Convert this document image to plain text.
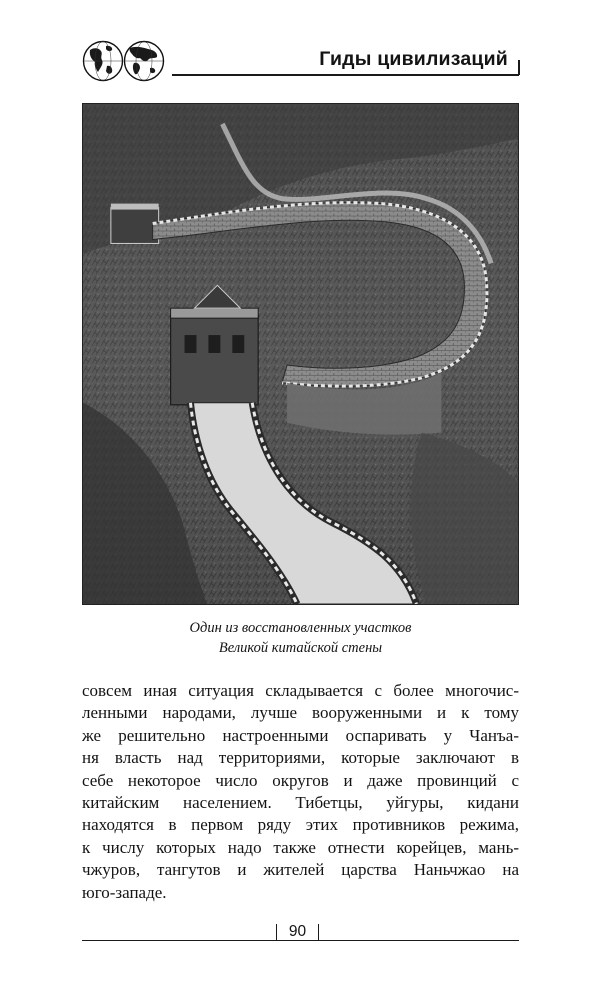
Гиды цивилизаций
Один из восстановленных участков
Великой китайской стены
совсем иная ситуация складывается с более многочис-
ленными народами, лучше вооруженными и к тому
же решительно настроенными оспаривать у Чанъа-
ня власть над территориями, которые заключают в
себе некоторое число округов и даже провинций с
китайским населением. Тибетцы, уйгуры, кидани
находятся в первом ряду этих противников режима,
к числу которых надо также отнести корейцев, мань-
чжуров, тангутов и жителей царства Наньчжао на
юго-западе.
90
